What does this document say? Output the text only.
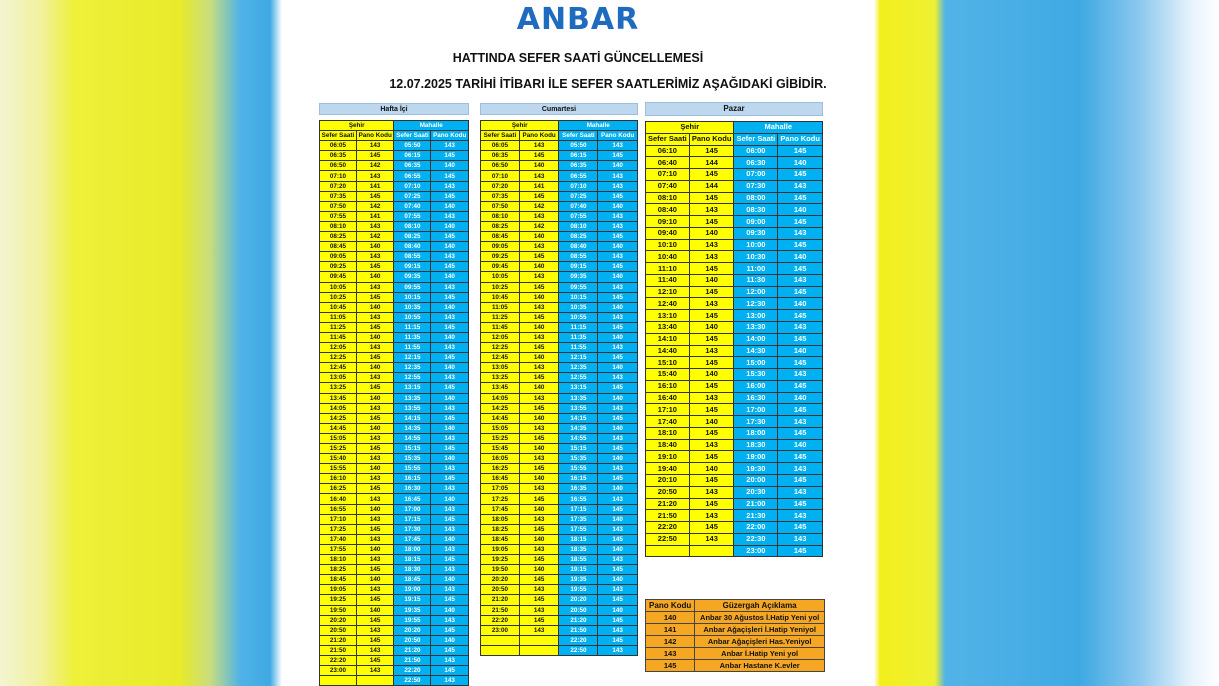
ANBAR
HATTINDA SEFER SAATİ GÜNCELLEMESİ
12.07.2025 TARİHİ İTİBARI İLE SEFER SAATLERİMİZ AŞAĞIDAKİ GİBİDİR.
Hafta İçi			

Şehir		Mahalle	
Sefer Saati	Pano Kodu	Sefer Saati	Pano Kodu
06:05	143	05:50	143
06:35	145	06:15	145
06:50	142	06:35	140
07:10	143	06:55	145
07:20	141	07:10	143
07:35	145	07:25	145
07:50	142	07:40	140
07:55	141	07:55	143
08:10	143	08:10	140
08:25	142	08:25	145
08:45	140	08:40	140
09:05	143	08:55	143
09:25	145	09:15	145
09:45	140	09:35	140
10:05	143	09:55	143
10:25	145	10:15	145
10:45	140	10:35	140
11:05	143	10:55	143
11:25	145	11:15	145
11:45	140	11:35	140
12:05	143	11:55	143
12:25	145	12:15	145
12:45	140	12:35	140
13:05	143	12:55	143
13:25	145	13:15	145
13:45	140	13:35	140
14:05	143	13:55	143
14:25	145	14:15	145
14:45	140	14:35	140
15:05	143	14:55	143
15:25	145	15:15	145
15:40	143	15:35	140
15:55	140	15:55	143
16:10	143	16:15	145
16:25	145	16:30	143
16:40	143	16:45	140
16:55	140	17:00	143
17:10	143	17:15	145
17:25	145	17:30	143
17:40	143	17:45	140
17:55	140	18:00	143
18:10	143	18:15	145
18:25	145	18:30	143
18:45	140	18:45	140
19:05	143	19:00	143
19:25	145	19:15	145
19:50	140	19:35	140
20:20	145	19:55	143
20:50	143	20:20	145
21:20	145	20:50	140
21:50	143	21:20	145
22:20	145	21:50	143
23:00	143	22:20	145
		22:50	143
Cumartesi			

Şehir		Mahalle	
Sefer Saati	Pano Kodu	Sefer Saati	Pano Kodu
06:05	143	05:50	143
06:35	145	06:15	145
06:50	140	06:35	140
07:10	143	06:55	143
07:20	141	07:10	143
07:35	145	07:25	145
07:50	142	07:40	140
08:10	143	07:55	143
08:25	142	08:10	143
08:45	140	08:25	145
09:05	143	08:40	140
09:25	145	08:55	143
09:45	140	09:15	145
10:05	143	09:35	140
10:25	145	09:55	143
10:45	140	10:15	145
11:05	143	10:35	140
11:25	145	10:55	143
11:45	140	11:15	145
12:05	143	11:35	140
12:25	145	11:55	143
12:45	140	12:15	145
13:05	143	12:35	140
13:25	145	12:55	143
13:45	140	13:15	145
14:05	143	13:35	140
14:25	145	13:55	143
14:45	140	14:15	145
15:05	143	14:35	140
15:25	145	14:55	143
15:45	140	15:15	145
16:05	143	15:35	140
16:25	145	15:55	143
16:45	140	16:15	145
17:05	143	16:35	140
17:25	145	16:55	143
17:45	140	17:15	145
18:05	143	17:35	140
18:25	145	17:55	143
18:45	140	18:15	145
19:05	143	18:35	140
19:25	145	18:55	143
19:50	140	19:15	145
20:20	145	19:35	140
20:50	143	19:55	143
21:20	145	20:20	145
21:50	143	20:50	140
22:20	145	21:20	145
23:00	143	21:50	143
		22:20	145
		22:50	143
Pazar			

Şehir		Mahalle	
Sefer Saati	Pano Kodu	Sefer Saati	Pano Kodu
06:10	145	06:00	145
06:40	144	06:30	140
07:10	145	07:00	145
07:40	144	07:30	143
08:10	145	08:00	145
08:40	143	08:30	140
09:10	145	09:00	145
09:40	140	09:30	143
10:10	143	10:00	145
10:40	143	10:30	140
11:10	145	11:00	145
11:40	140	11:30	143
12:10	145	12:00	145
12:40	143	12:30	140
13:10	145	13:00	145
13:40	140	13:30	143
14:10	145	14:00	145
14:40	143	14:30	140
15:10	145	15:00	145
15:40	140	15:30	143
16:10	145	16:00	145
16:40	143	16:30	140
17:10	145	17:00	145
17:40	140	17:30	143
18:10	145	18:00	145
18:40	143	18:30	140
19:10	145	19:00	145
19:40	140	19:30	143
20:10	145	20:00	145
20:50	143	20:30	143
21:20	145	21:00	145
21:50	143	21:30	143
22:20	145	22:00	145
22:50	143	22:30	143
		23:00	145
Pano Kodu	Güzergah Açıklama
140	Anbar 30 Ağustos İ.Hatip Yeni yol
141	Anbar Ağaçişleri İ.Hatip Yeniyol
142	Anbar Ağaçişleri Has.Yeniyol
143	Anbar İ.Hatip Yeni yol
145	Anbar Hastane K.evler
